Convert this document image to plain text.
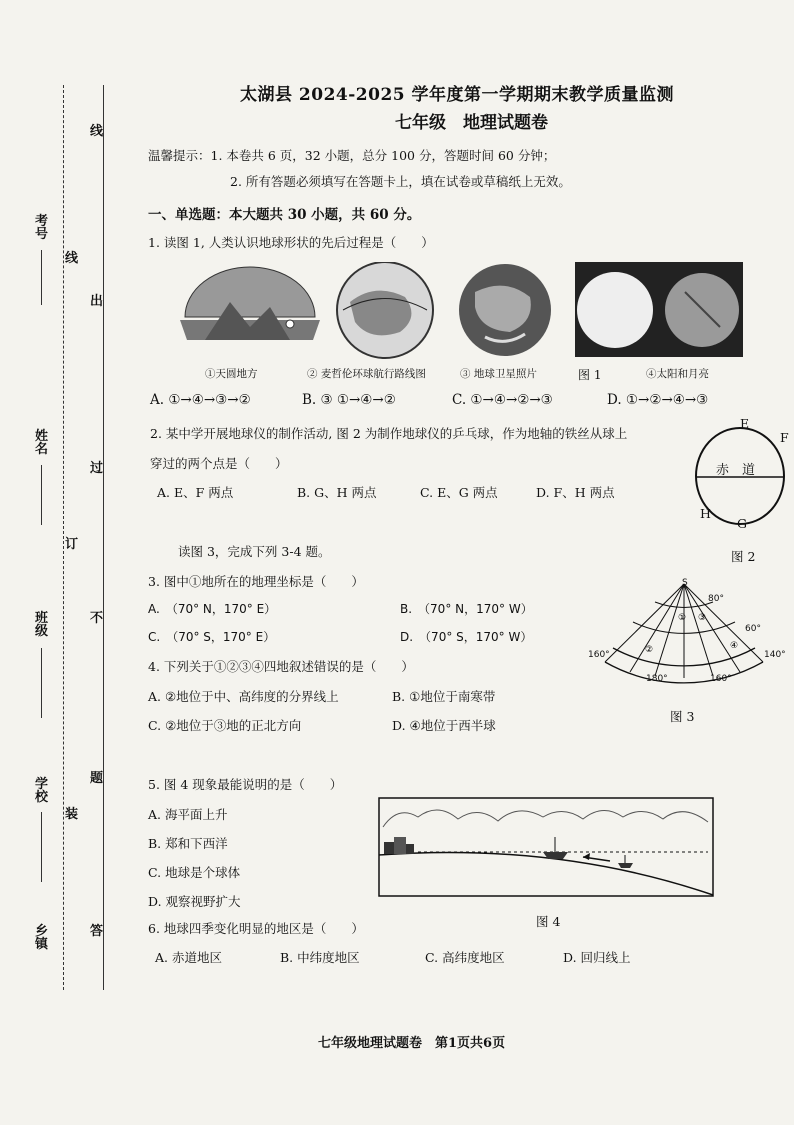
考号
姓名
班级
学校
乡镇
线
线
出
过
订
不
题
装
答
太湖县 2024-2025 学年度第一学期期末教学质量监测
七年级　地理试题卷
温馨提示：1. 本卷共 6 页，32 小题，总分 100 分，答题时间 60 分钟；
2. 所有答题必须填写在答题卡上，填在试卷或草稿纸上无效。
一、单选题：本大题共 30 小题，共 60 分。
1. 读图 1, 人类认识地球形状的先后过程是（　　）
①天圆地方	② 麦哲伦环球航行路线图	③ 地球卫星照片	图 1	④太阳和月亮
A. ①→④→③→②	B. ③ ①→④→②	C. ①→④→②→③	D. ①→②→④→③
2. 某中学开展地球仪的制作活动, 图 2 为制作地球仪的乒乓球，作为地轴的铁丝从球上
穿过的两个点是（　　）
A. E、F 两点	B. G、H 两点	C. E、G 两点	D. F、H 两点
E
F
赤　道
H
G
图 2
读图 3，完成下列 3-4 题。
3. 图中①地所在的地理坐标是（　　）
A.　（70° N，170° E）	B.　（70° N，170° W）
C.　（70° S，170° E）	D.　（70° S，170° W）
①
②
③
④
S
80°
60°
160°
180°	160°
140°
图 3
4. 下列关于①②③④四地叙述错误的是（　　）
A. ②地位于中、高纬度的分界线上	B. ①地位于南寒带
C. ②地位于③地的正北方向	D. ④地位于西半球
5. 图 4 现象最能说明的是（　　）
A. 海平面上升
B. 郑和下西洋
C. 地球是个球体
D. 观察视野扩大
图 4
6. 地球四季变化明显的地区是（　　）
A. 赤道地区	B. 中纬度地区	C. 高纬度地区	D. 回归线上
七年级地理试题卷　第1页共6页
